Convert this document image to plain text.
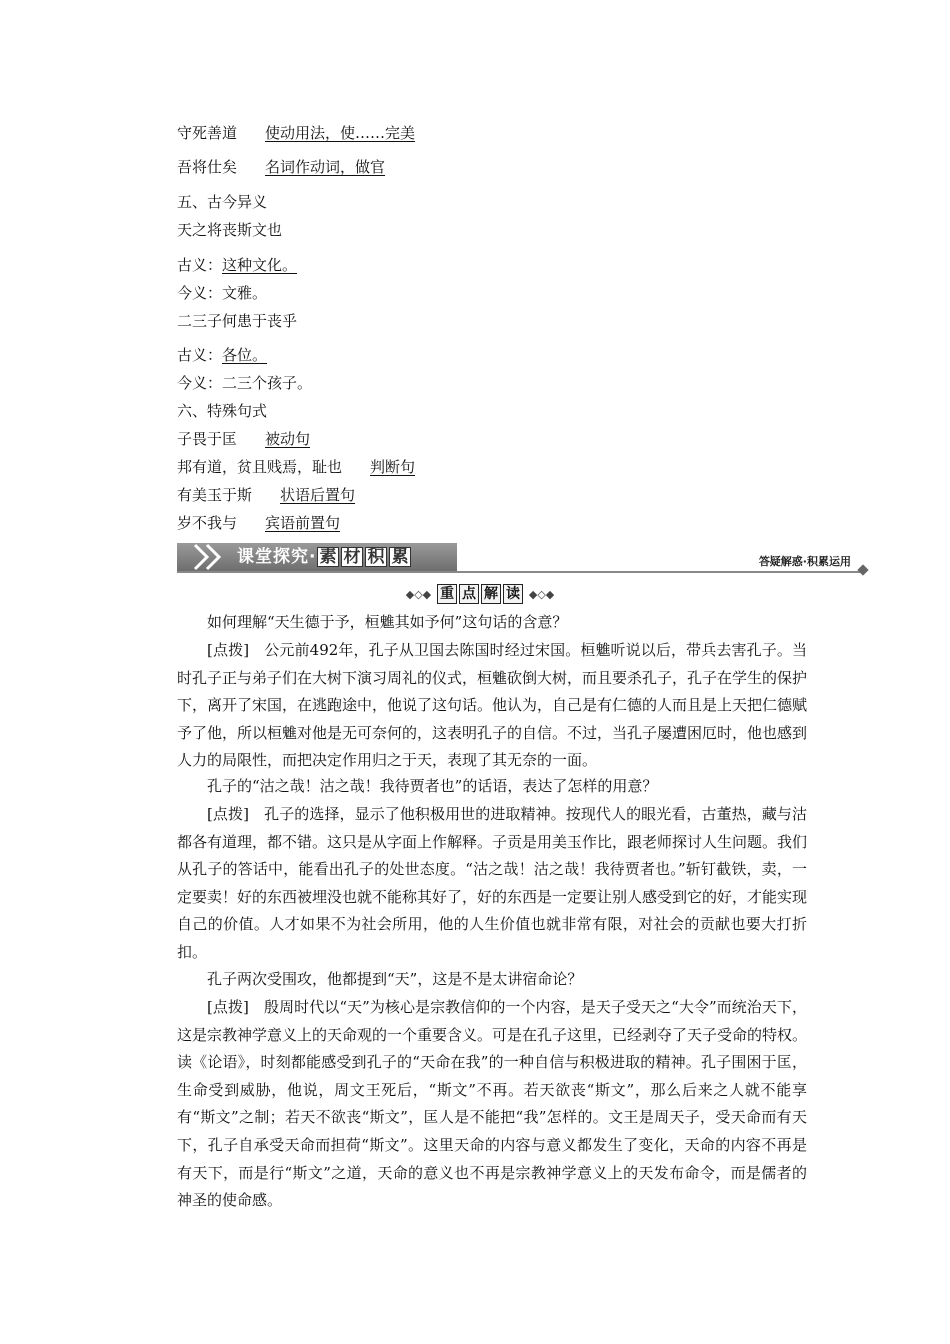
守死善道 使动用法，使……完美
吾将仕矣 名词作动词，做官
五、古今异义
天之将丧斯文也
古义：这种文化。
今义：文雅。
二三子何患于丧乎
古义：各位。
今义：二三个孩子。
六、特殊句式
子畏于匡 被动句
邦有道，贫且贱焉，耻也 判断句
有美玉于斯 状语后置句
岁不我与 宾语前置句
课堂探究· 素 材 积 累	答疑解惑·积累运用
◆◇◆ 重 点 解 读 ◆◇◆
如何理解“天生德于予，桓魋其如予何”这句话的含意？
[点拨]　公元前492年，孔子从卫国去陈国时经过宋国。桓魋听说以后，带兵去害孔子。当时孔子正与弟子们在大树下演习周礼的仪式，桓魋砍倒大树，而且要杀孔子，孔子在学生的保护下，离开了宋国，在逃跑途中，他说了这句话。他认为，自己是有仁德的人而且是上天把仁德赋予了他，所以桓魋对他是无可奈何的，这表明孔子的自信。不过，当孔子屡遭困厄时，他也感到人力的局限性，而把决定作用归之于天，表现了其无奈的一面。
孔子的“沽之哉！沽之哉！我待贾者也”的话语，表达了怎样的用意？
[点拨]　孔子的选择，显示了他积极用世的进取精神。按现代人的眼光看，古董热，藏与沽都各有道理，都不错。这只是从字面上作解释。子贡是用美玉作比，跟老师探讨人生问题。我们从孔子的答话中，能看出孔子的处世态度。“沽之哉！沽之哉！我待贾者也。”斩钉截铁，卖，一定要卖！好的东西被埋没也就不能称其好了，好的东西是一定要让别人感受到它的好，才能实现自己的价值。人才如果不为社会所用，他的人生价值也就非常有限，对社会的贡献也要大打折扣。
孔子两次受围攻，他都提到“天”，这是不是太讲宿命论？
[点拨]　殷周时代以“天”为核心是宗教信仰的一个内容，是天子受天之“大令”而统治天下，这是宗教神学意义上的天命观的一个重要含义。可是在孔子这里，已经剥夺了天子受命的特权。读《论语》，时刻都能感受到孔子的“天命在我”的一种自信与积极进取的精神。孔子围困于匡，生命受到威胁，他说，周文王死后，“斯文”不再。若天欲丧“斯文”，那么后来之人就不能享有“斯文”之制；若天不欲丧“斯文”，匡人是不能把“我”怎样的。文王是周天子，受天命而有天下，孔子自承受天命而担荷“斯文”。这里天命的内容与意义都发生了变化，天命的内容不再是有天下，而是行“斯文”之道，天命的意义也不再是宗教神学意义上的天发布命令，而是儒者的神圣的使命感。
